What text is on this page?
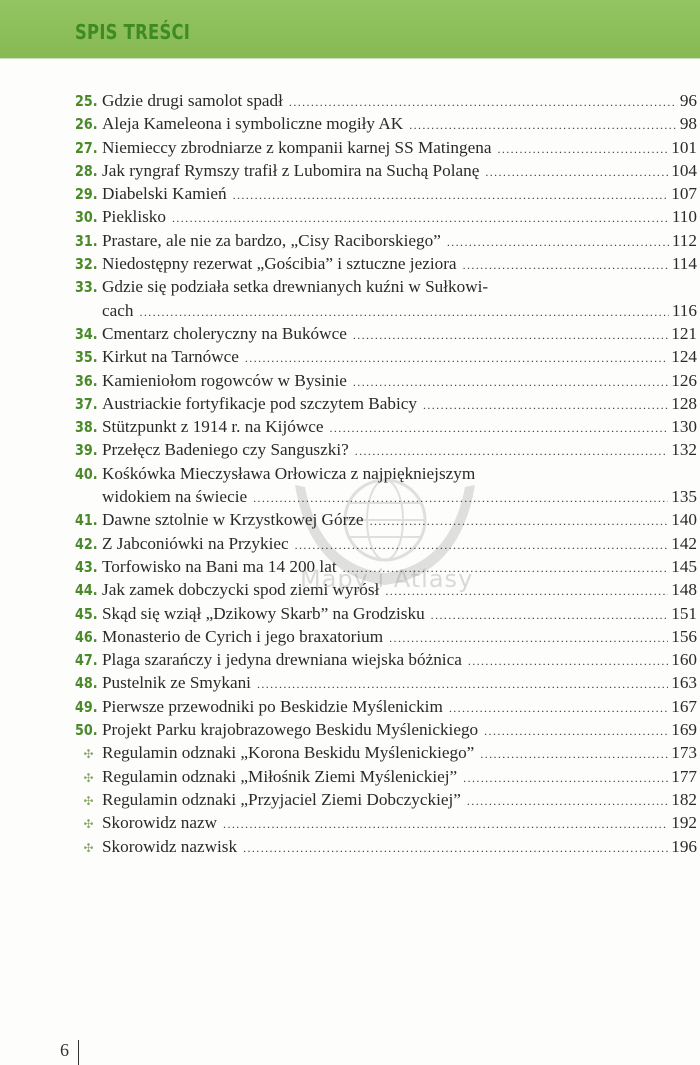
SPIS TREŚCI
Mapy i Atlasy
25. Gdzie drugi samolot spadł .....	96
26. Aleja Kameleona i symboliczne mogiły AK .....	98
27. Niemieccy zbrodniarze z kompanii karnej SS Matingena .....	101
28. Jak ryngraf Rymszy trafił z Lubomira na Suchą Polanę .....	104
29. Diabelski Kamień .....	107
30. Pieklisko .....	110
31. Prastare, ale nie za bardzo, „Cisy Raciborskiego” .....	112
32. Niedostępny rezerwat „Gościbia” i sztuczne jeziora .....	114
33. Gdzie się podziała setka drewnianych kuźni w Sułkowi-
cach .....	116
34. Cmentarz choleryczny na Bukówce .....	121
35. Kirkut na Tarnówce .....	124
36. Kamieniołom rogowców w Bysinie .....	126
37. Austriackie fortyfikacje pod szczytem Babicy .....	128
38. Stützpunkt z 1914 r. na Kijówce .....	130
39. Przełęcz Badeniego czy Sanguszki? .....	132
40. Kośkówka Mieczysława Orłowicza z najpiękniejszym
widokiem na świecie .....	135
41. Dawne sztolnie w Krzystkowej Górze .....	140
42. Z Jabconiówki na Przykiec .....	142
43. Torfowisko na Bani ma 14 200 lat .....	145
44. Jak zamek dobczycki spod ziemi wyrósł .....	148
45. Skąd się wziął „Dzikowy Skarb” na Grodzisku .....	151
46. Monasterio de Cyrich i jego braxatorium .....	156
47. Plaga szarańczy i jedyna drewniana wiejska bóżnica .....	160
48. Pustelnik ze Smykani .....	163
49. Pierwsze przewodniki po Beskidzie Myślenickim .....	167
50. Projekt Parku krajobrazowego Beskidu Myślenickiego .....	169
✣ Regulamin odznaki „Korona Beskidu Myślenickiego” .....	173
✣ Regulamin odznaki „Miłośnik Ziemi Myślenickiej” .....	177
✣ Regulamin odznaki „Przyjaciel Ziemi Dobczyckiej” .....	182
✣ Skorowidz nazw .....	192
✣ Skorowidz nazwisk .....	196
6
